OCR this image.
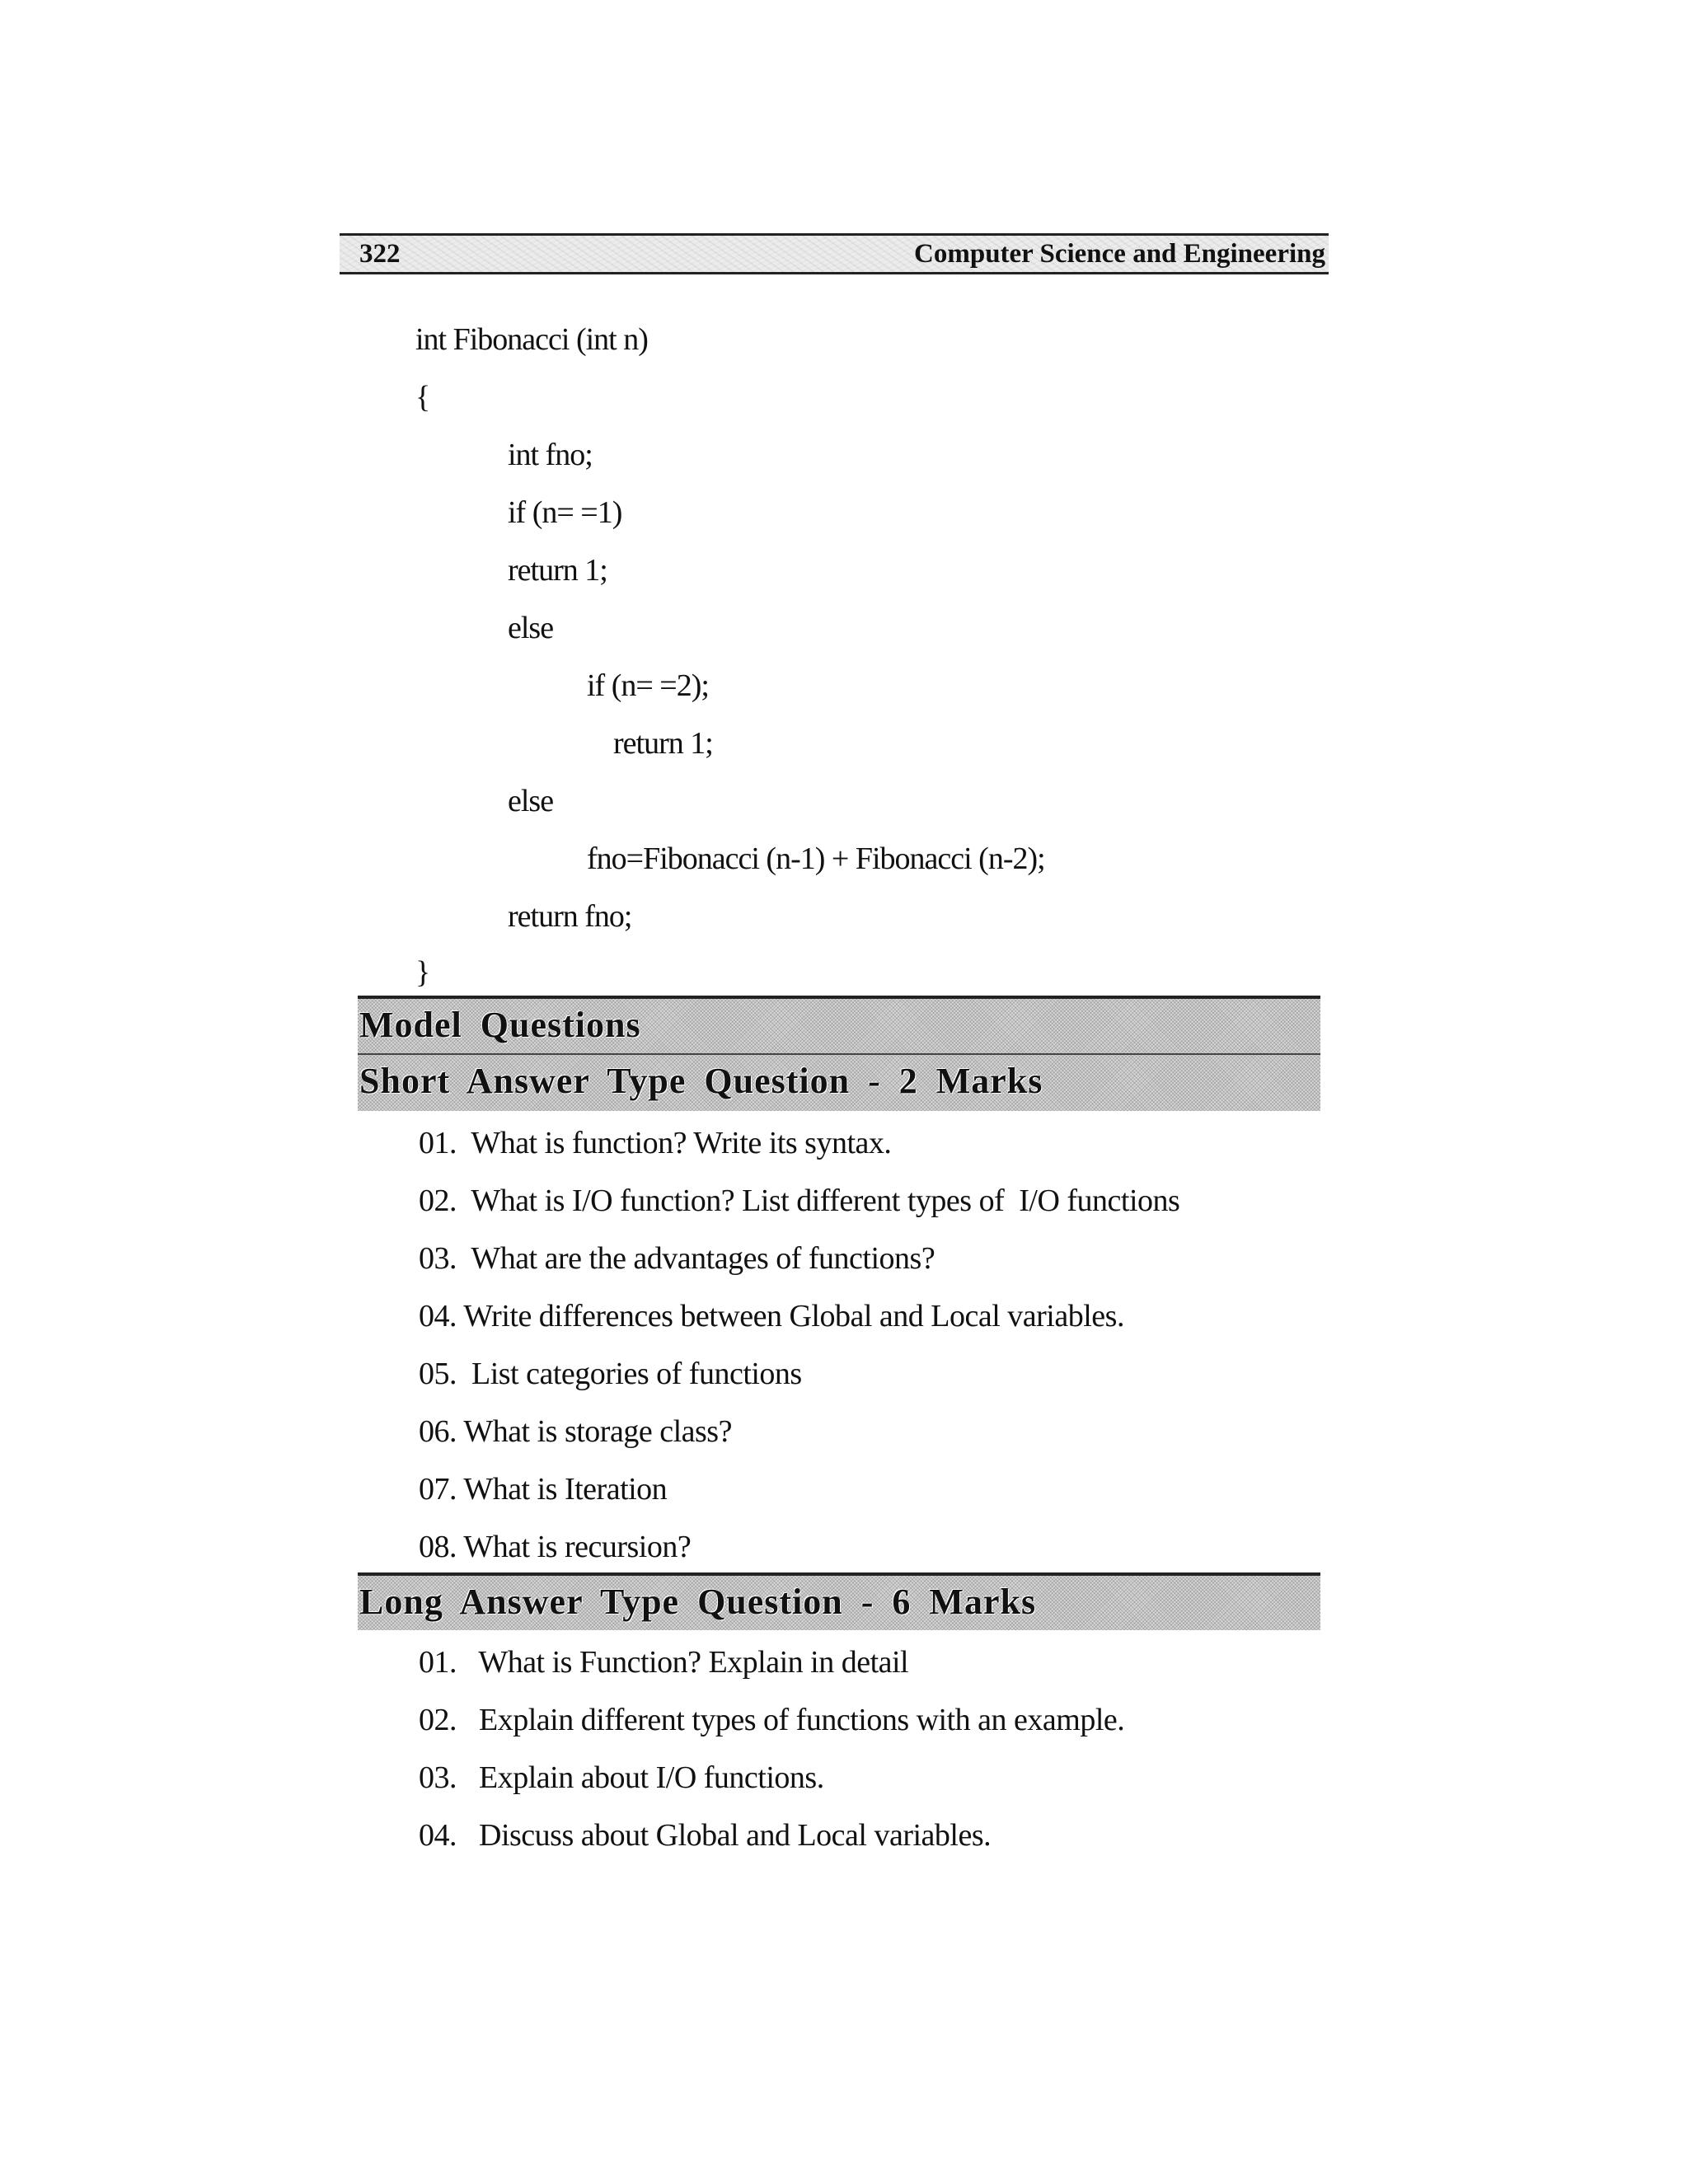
322	Computer Science and Engineering
int Fibonacci (int n)
{
int fno;
if (n= =1)
return 1;
else
if (n= =2);
return 1;
else
fno=Fibonacci (n-1) + Fibonacci (n-2);
return fno;
}
Model Questions
Short Answer Type Question - 2 Marks
01. What is function? Write its syntax.
02. What is I/O function? List different types of  I/O functions
03. What are the advantages of functions?
04. Write differences between Global and Local variables.
05. List categories of functions
06. What is storage class?
07. What is Iteration
08. What is recursion?
Long Answer Type Question - 6 Marks
01. What is Function? Explain in detail
02. Explain different types of functions with an example.
03. Explain about I/O functions.
04. Discuss about Global and Local variables.
